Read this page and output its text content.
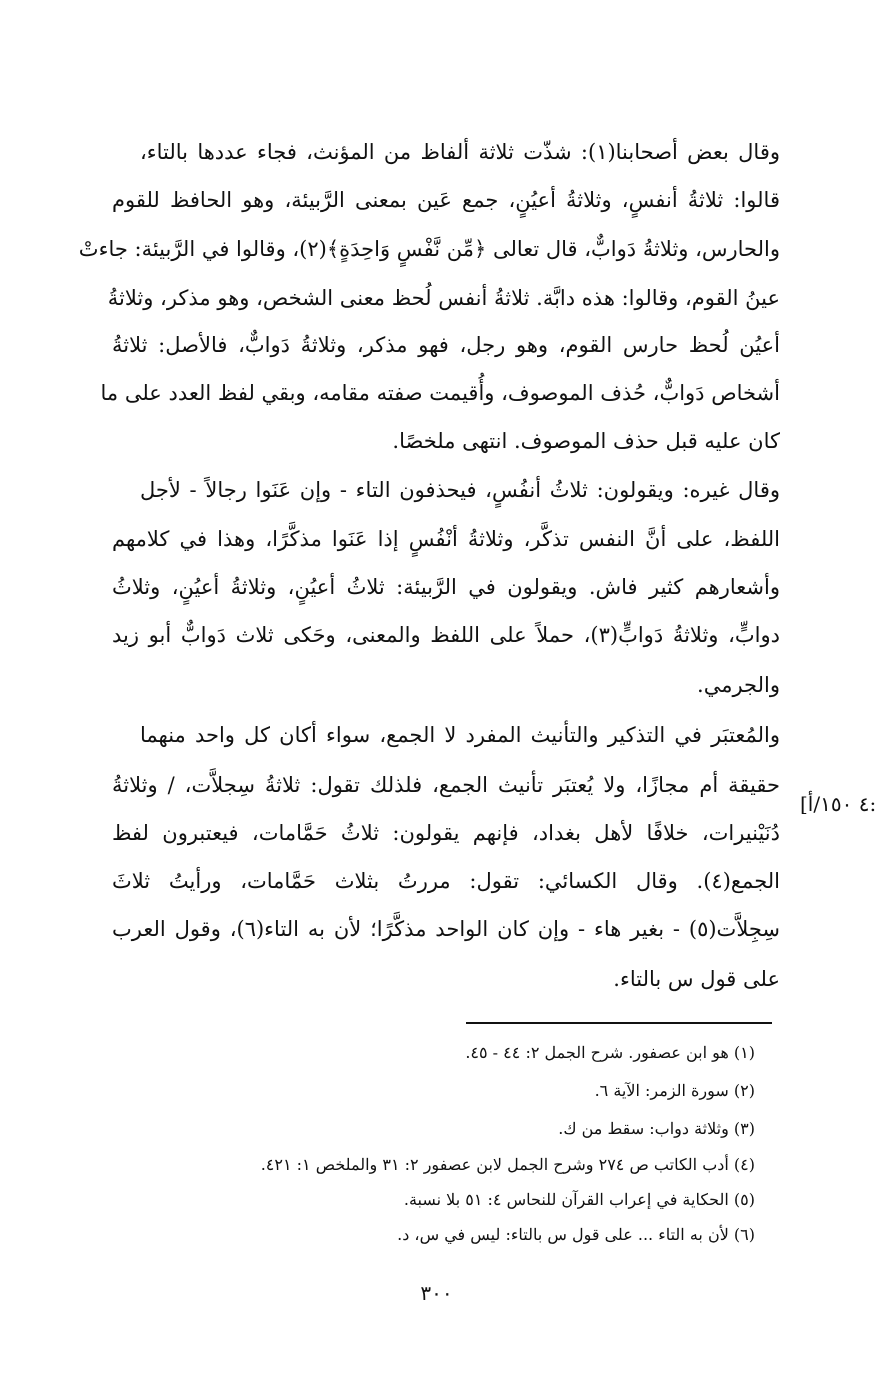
وقال بعض أصحابنا(١): شذّت ثلاثة ألفاظ من المؤنث، فجاء عددها بالتاء،
قالوا: ثلاثةُ أنفسٍ، وثلاثةُ أعيُنٍ، جمع عَين بمعنى الرَّبيئة، وهو الحافظ للقوم
والحارس، وثلاثةُ دَوابٌّ، قال تعالى ﴿مِّن نَّفْسٍ وَاحِدَةٍ﴾(٢)، وقالوا في الرَّبيئة: جاءتْ
عينُ القوم، وقالوا: هذه دابَّة. ثلاثةُ أنفس لُحظ معنى الشخص، وهو مذكر، وثلاثةُ
أعيُن لُحظ حارس القوم، وهو رجل، فهو مذكر، وثلاثةُ دَوابٌّ، فالأصل: ثلاثةُ
أشخاص دَوابٌّ، حُذف الموصوف، وأُقيمت صفته مقامه، وبقي لفظ العدد على ما
كان عليه قبل حذف الموصوف. انتهى ملخصًا.
وقال غيره: ويقولون: ثلاثُ أنفُسٍ، فيحذفون التاء - وإن عَنَوا رجالاً - لأجل
اللفظ، على أنَّ النفس تذكَّر، وثلاثةُ أنْفُسٍ إذا عَنَوا مذكَّرًا، وهذا في كلامهم
وأشعارهم كثير فاش. ويقولون في الرَّبيئة: ثلاثُ أعيُنٍ، وثلاثةُ أعيُنٍ، وثلاثُ
دوابٍّ، وثلاثةُ دَوابٍّ(٣)، حملاً على اللفظ والمعنى، وحَكى ثلاث دَوابٌّ أبو زيد
والجرمي.
والمُعتبَر في التذكير والتأنيث المفرد لا الجمع، سواء أكان كل واحد منهما
حقيقة أم مجازًا، ولا يُعتبَر تأنيث الجمع، فلذلك تقول: ثلاثةُ سِجلاَّت، / وثلاثةُ
دُنَيْنيرات، خلافًا لأهل بغداد، فإنهم يقولون: ثلاثُ حَمَّامات، فيعتبرون لفظ
الجمع(٤). وقال الكسائي: تقول: مررتُ بثلاث حَمَّامات، ورأيتُ ثلاثَ
سِجِلاَّت(٥) - بغير هاء - وإن كان الواحد مذكَّرًا؛ لأن به التاء(٦)، وقول العرب
على قول س بالتاء.
:٤ ١٥٠/أ]
(١) هو ابن عصفور. شرح الجمل ٢: ٤٤ - ٤٥.
(٢) سورة الزمر: الآية ٦.
(٣) وثلاثة دواب: سقط من ك.
(٤) أدب الكاتب ص ٢٧٤ وشرح الجمل لابن عصفور ٢: ٣١ والملخص ١: ٤٢١.
(٥) الحكاية في إعراب القرآن للنحاس ٤: ٥١ بلا نسبة.
(٦) لأن به التاء ... على قول س بالتاء: ليس في س، د.
٣٠٠
